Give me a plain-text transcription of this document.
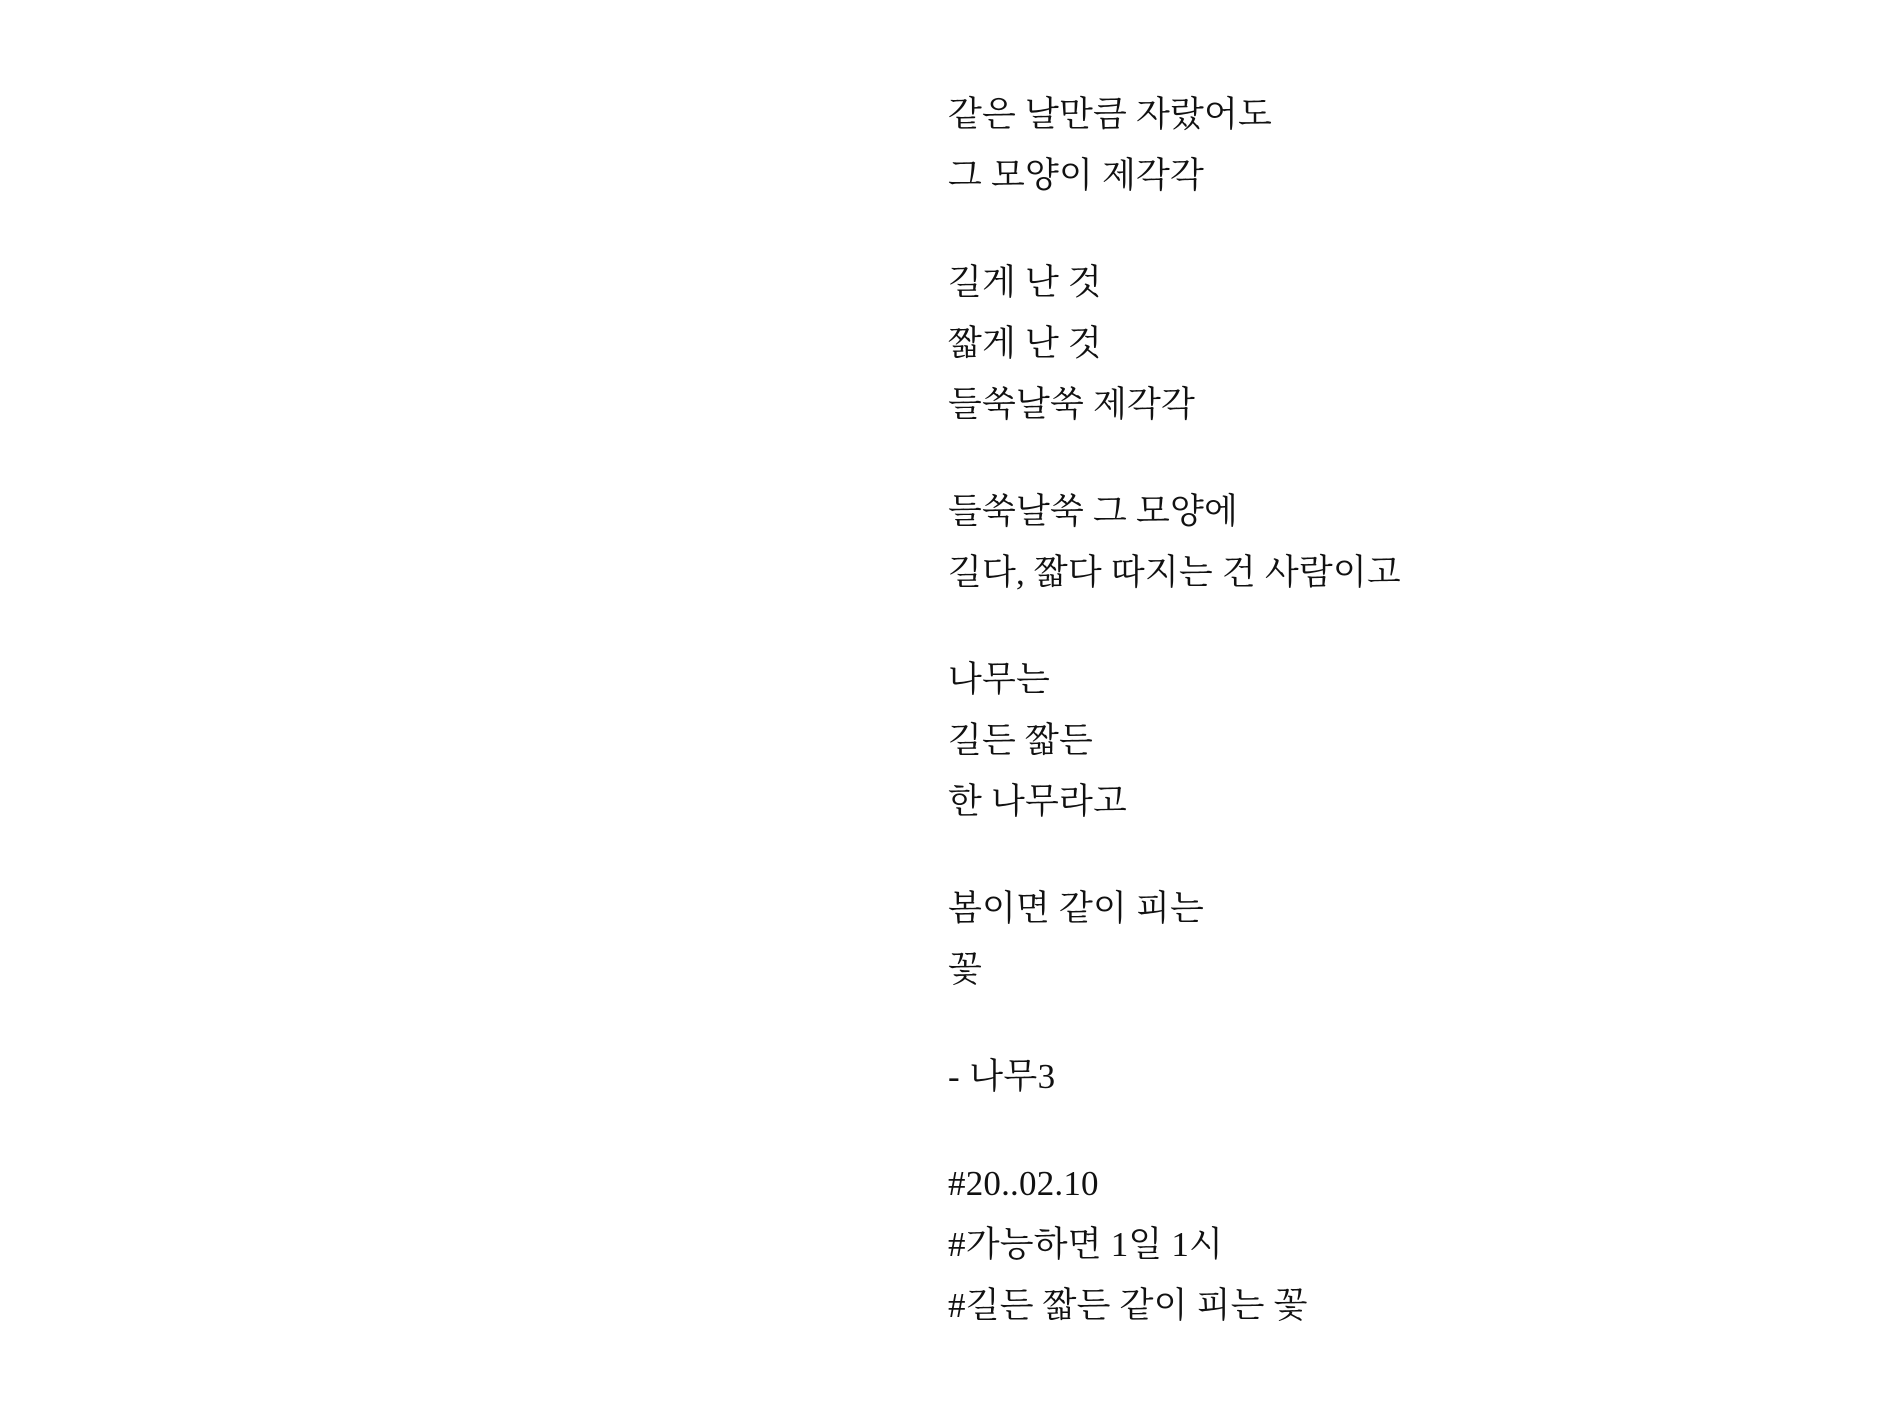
같은 날만큼 자랐어도
그 모양이 제각각
길게 난 것
짧게 난 것
들쑥날쑥 제각각
들쑥날쑥 그 모양에
길다, 짧다 따지는 건 사람이고
나무는
길든 짧든
한 나무라고
봄이면 같이 피는
꽃
- 나무3
#20..02.10
#가능하면 1일 1시
#길든 짧든 같이 피는 꽃
